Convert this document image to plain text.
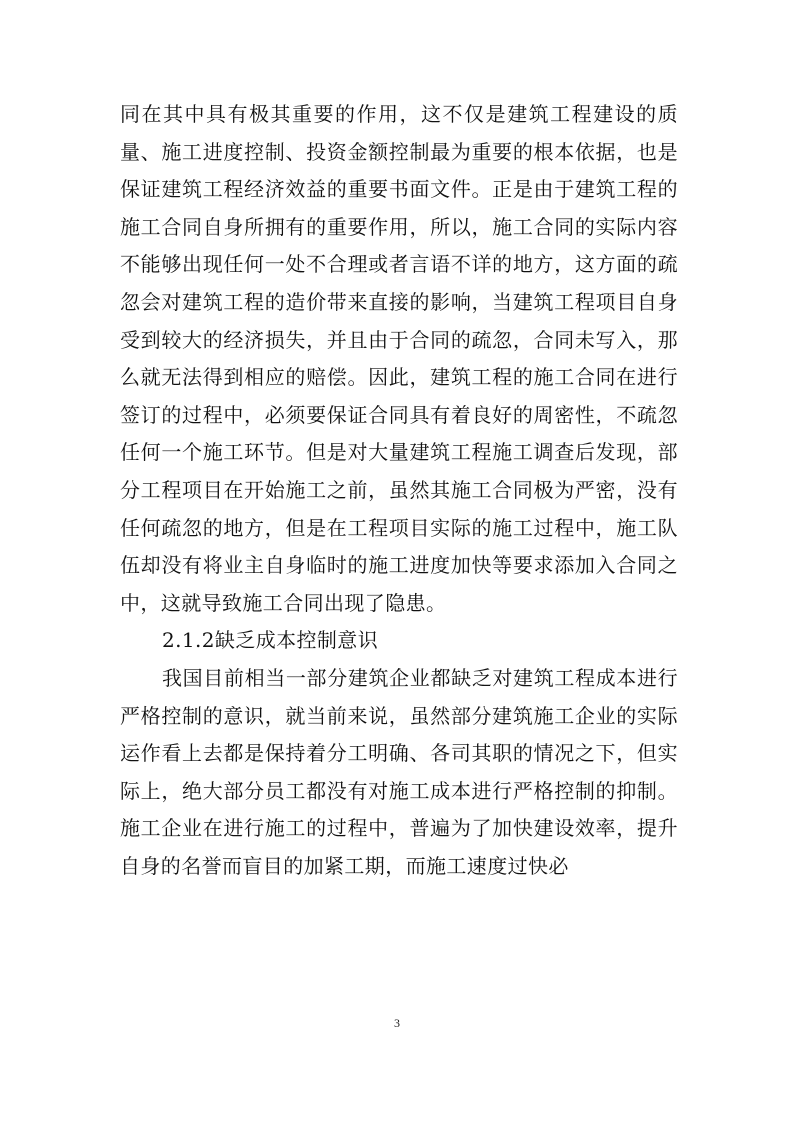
同在其中具有极其重要的作用，这不仅是建筑工程建设的质量、施工进度控制、投资金额控制最为重要的根本依据，也是保证建筑工程经济效益的重要书面文件。正是由于建筑工程的施工合同自身所拥有的重要作用，所以，施工合同的实际内容不能够出现任何一处不合理或者言语不详的地方，这方面的疏忽会对建筑工程的造价带来直接的影响，当建筑工程项目自身受到较大的经济损失，并且由于合同的疏忽，合同未写入，那么就无法得到相应的赔偿。因此，建筑工程的施工合同在进行签订的过程中，必须要保证合同具有着良好的周密性，不疏忽任何一个施工环节。但是对大量建筑工程施工调查后发现，部分工程项目在开始施工之前，虽然其施工合同极为严密，没有任何疏忽的地方，但是在工程项目实际的施工过程中，施工队伍却没有将业主自身临时的施工进度加快等要求添加入合同之中，这就导致施工合同出现了隐患。

2.1.2缺乏成本控制意识

我国目前相当一部分建筑企业都缺乏对建筑工程成本进行严格控制的意识，就当前来说，虽然部分建筑施工企业的实际运作看上去都是保持着分工明确、各司其职的情况之下，但实际上，绝大部分员工都没有对施工成本进行严格控制的抑制。施工企业在进行施工的过程中，普遍为了加快建设效率，提升自身的名誉而盲目的加紧工期，而施工速度过快必

3
